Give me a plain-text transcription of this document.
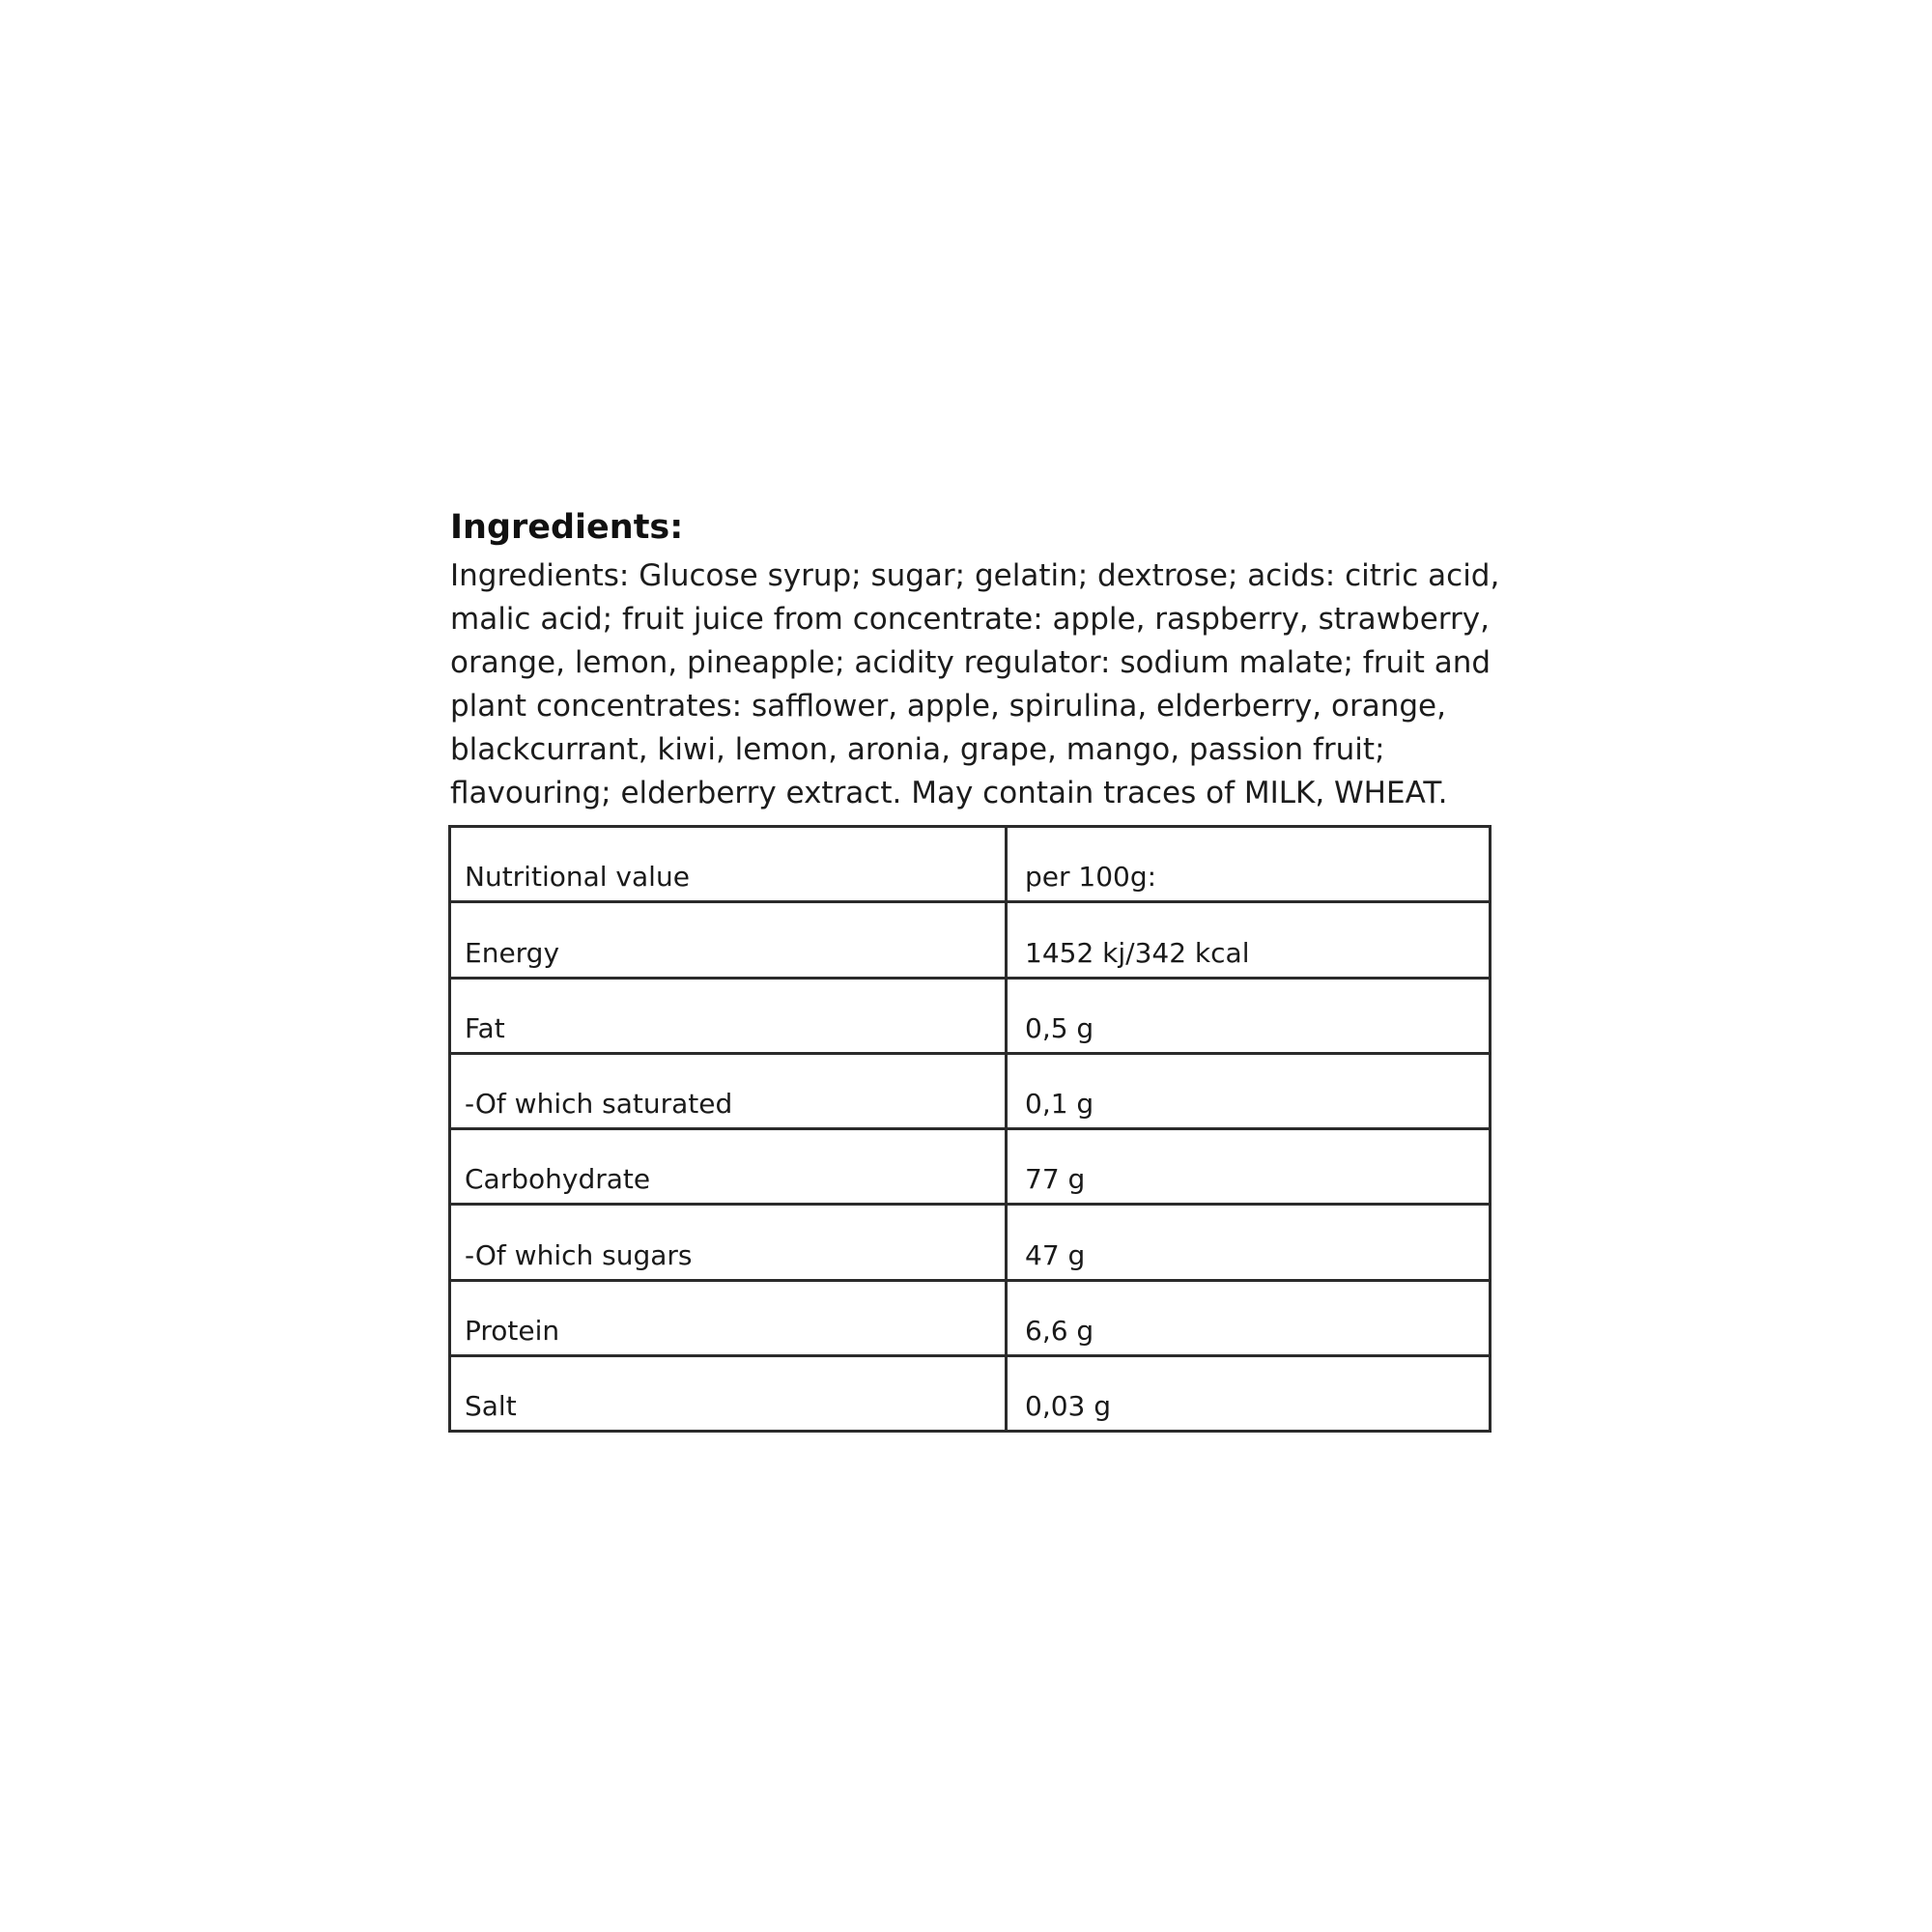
Ingredients:

Ingredients: Glucose syrup; sugar; gelatin; dextrose; acids: citric acid,
malic acid; fruit juice from concentrate: apple, raspberry, strawberry,
orange, lemon, pineapple; acidity regulator: sodium malate; fruit and
plant concentrates: safflower, apple, spirulina, elderberry, orange,
blackcurrant, kiwi, lemon, aronia, grape, mango, passion fruit;
flavouring; elderberry extract. May contain traces of MILK, WHEAT.

Nutritional value	per 100g:
Energy	1452 kj/342 kcal
Fat	0,5 g
-Of which saturated	0,1 g
Carbohydrate	77 g
-Of which sugars	47 g
Protein	6,6 g
Salt	0,03 g
